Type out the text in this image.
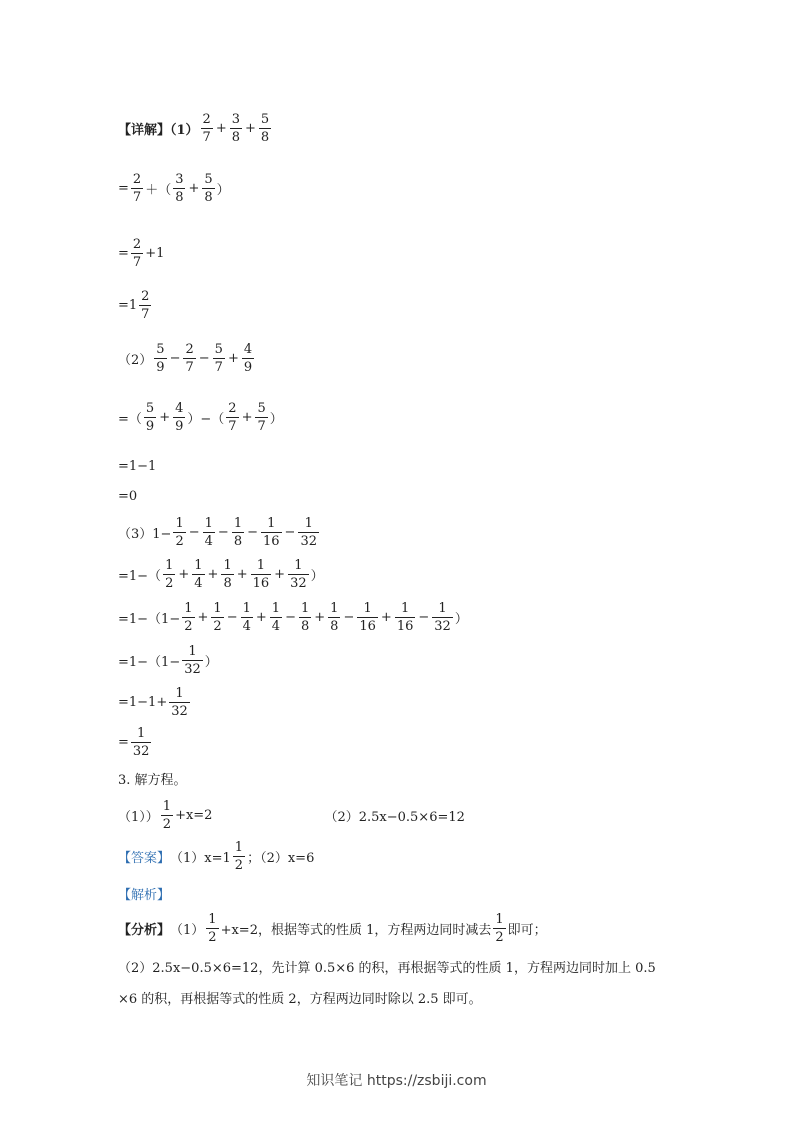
【详解】$(1) \frac{2}{7} + \frac{3}{8} + \frac{5}{8}$
= $\frac{2}{7}$ ＋（ $\frac{3}{8} + \frac{5}{8}$ ）
= $\frac{2}{7} +1$
$=1 \frac{2}{7}$
$(2) \frac{5}{9} - \frac{2}{7} - \frac{5}{7} + \frac{4}{9}$
=（ $\frac{5}{9} + \frac{4}{9}$ ）−（ $\frac{2}{7} + \frac{5}{7}$ ）
=1−1
=0
$(3)1- \frac{1}{2} - \frac{1}{4} - \frac{1}{8} - \frac{1}{16} - \frac{1}{32}$
$=1-( \frac{1}{2} + \frac{1}{4} + \frac{1}{8} + \frac{1}{16} + \frac{1}{32}$ ）
$=1-(1- \frac{1}{2} + \frac{1}{2} - \frac{1}{4} + \frac{1}{4} - \frac{1}{8} + \frac{1}{8} - \frac{1}{16} + \frac{1}{16} - \frac{1}{32}$ ）
$=1-(1- \frac{1}{32}$ ）
$=1-1+ \frac{1}{32}$
= $\frac{1}{32}$
3. 解方程。
$(1)) \frac{1}{2} +x=2$	（2）2.5x−0.5×6=12
【答案】 $(1)x=1 \frac{1}{2}$ ；（2）x=6
【解析】
【分析】 $(1) \frac{1}{2} +x=2$，根据等式的性质 1，方程两边同时减去 $\frac{1}{2}$ 即可；
（2）2.5x−0.5×6=12，先计算 0.5×6 的积，再根据等式的性质 1，方程两边同时加上 0.5
×6 的积，再根据等式的性质 2，方程两边同时除以 2.5 即可。
知识笔记 https://zsbiji.com
